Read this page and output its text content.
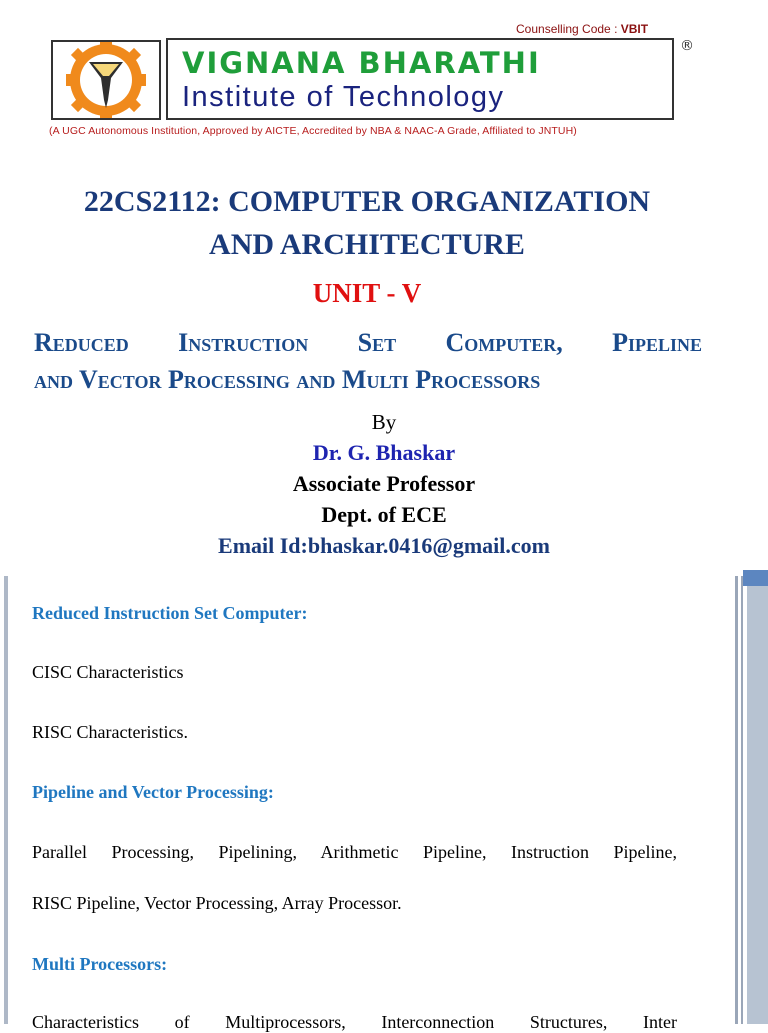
Counselling Code : VBIT
VIGNANA BHARATHI
Institute of Technology
®
(A UGC Autonomous Institution, Approved by AICTE, Accredited by NBA & NAAC-A Grade, Affiliated to JNTUH)
22CS2112: COMPUTER ORGANIZATION
AND ARCHITECTURE
UNIT - V
Reduced Instruction Set Computer, Pipeline
and Vector Processing and Multi Processors
By
Dr. G. Bhaskar
Associate Professor
Dept. of ECE
Email Id:bhaskar.0416@gmail.com
Reduced Instruction Set Computer:
CISC Characteristics
RISC Characteristics.
Pipeline and Vector Processing:
Parallel Processing, Pipelining, Arithmetic Pipeline, Instruction Pipeline,
RISC Pipeline, Vector Processing, Array Processor.
Multi Processors:
Characteristics of Multiprocessors, Interconnection Structures, Inter
